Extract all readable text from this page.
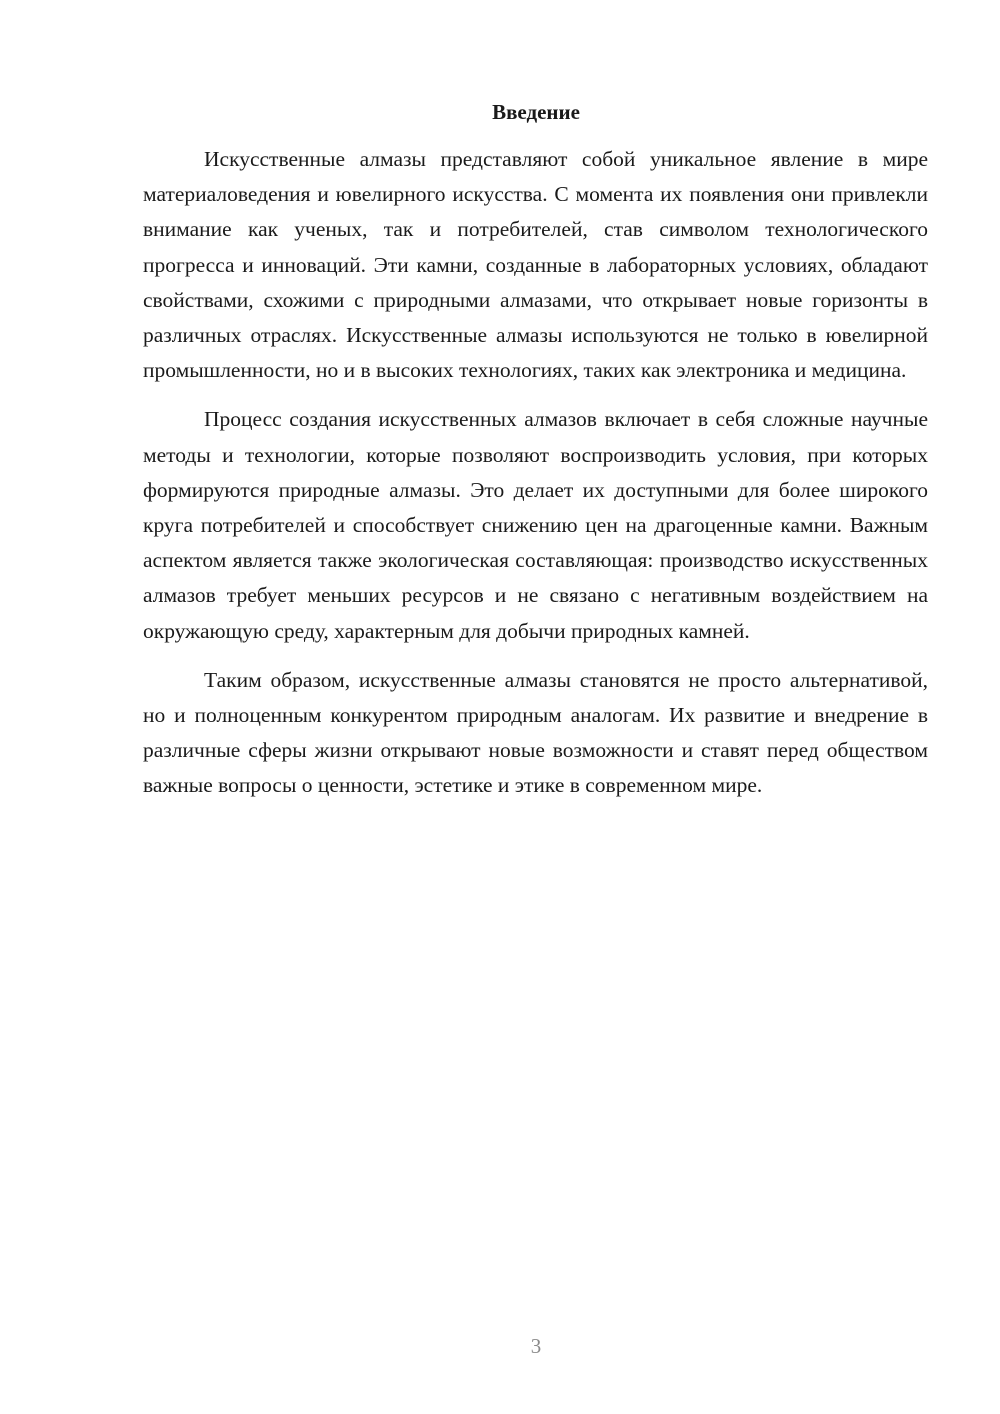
Введение

Искусственные алмазы представляют собой уникальное явление в мире материаловедения и ювелирного искусства. С момента их появления они привлекли внимание как ученых, так и потребителей, став символом технологического прогресса и инноваций. Эти камни, созданные в лабораторных условиях, обладают свойствами, схожими с природными алмазами, что открывает новые горизонты в различных отраслях. Искусственные алмазы используются не только в ювелирной промышленности, но и в высоких технологиях, таких как электроника и медицина.

Процесс создания искусственных алмазов включает в себя сложные научные методы и технологии, которые позволяют воспроизводить условия, при которых формируются природные алмазы. Это делает их доступными для более широкого круга потребителей и способствует снижению цен на драгоценные камни. Важным аспектом является также экологическая составляющая: производство искусственных алмазов требует меньших ресурсов и не связано с негативным воздействием на окружающую среду, характерным для добычи природных камней.

Таким образом, искусственные алмазы становятся не просто альтернативой, но и полноценным конкурентом природным аналогам. Их развитие и внедрение в различные сферы жизни открывают новые возможности и ставят перед обществом важные вопросы о ценности, эстетике и этике в современном мире.

3
